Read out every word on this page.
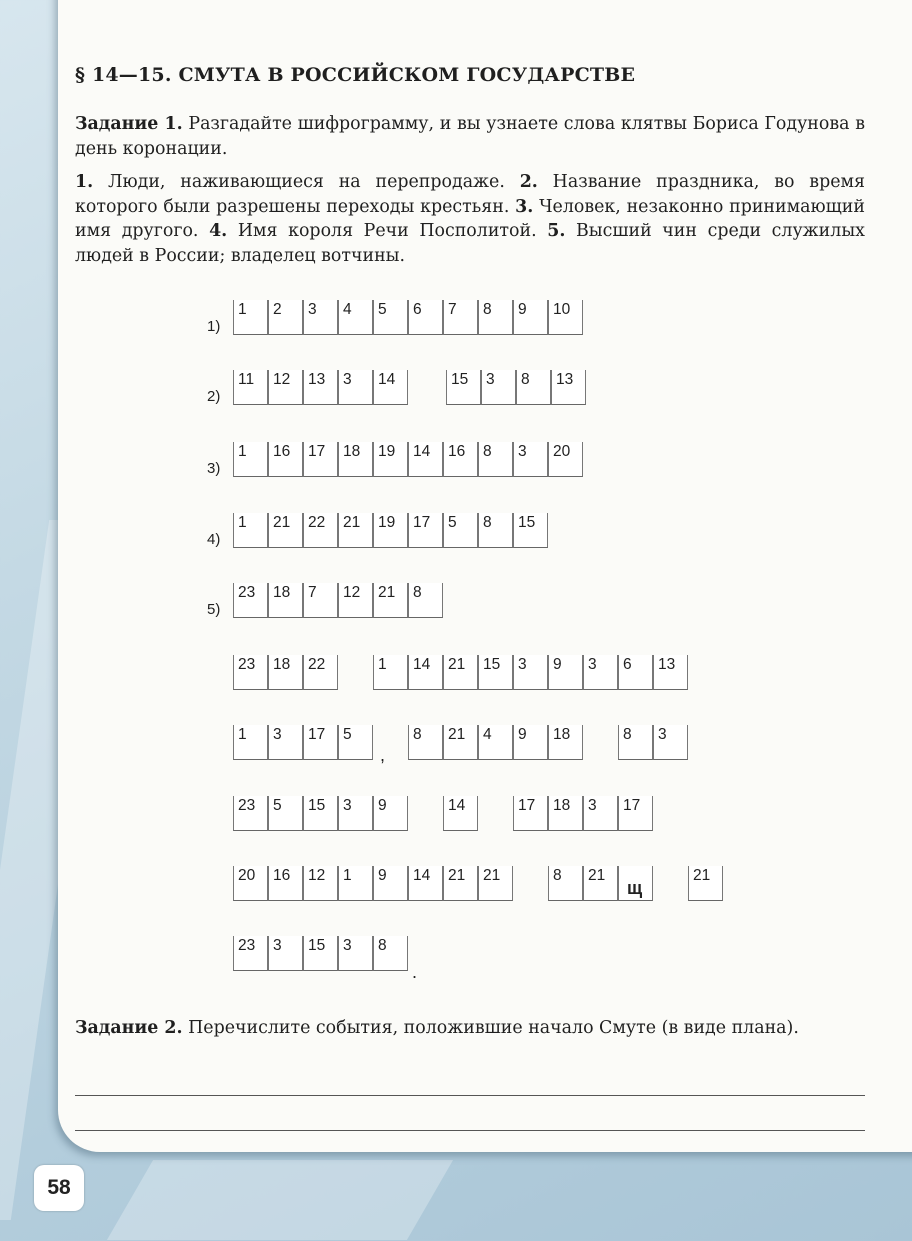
§ 14—15. СМУТА В РОССИЙСКОМ ГОСУДАРСТВЕ

Задание 1. Разгадайте шифрограмму, и вы узнаете слова клятвы Бориса Годунова в день коронации.

1. Люди, наживающиеся на перепродаже. 2. Название праздника, во время которого были разрешены переходы крестьян. 3. Человек, незаконно принимающий имя другого. 4. Имя короля Речи Посполитой. 5. Высший чин среди служилых людей в России; владелец вотчины.

Задание 2. Перечислите события, положившие начало Смуте (в виде плана).

1)
1	2	3	4	5	6	7	8	9	10
2)
11	12	13	3	14	15	3	8	13
3)
1	16	17	18	19	14	16	8	3	20
4)
1	21	22	21	19	17	5	8	15
5)
23	18	7	12	21	8
23	18	22	1	14	21	15	3	9	3	6	13
1	3	17	5
,
8	21	4	9	18	8	3
23	5	15	3	9	14	17	18	3	17
20	16	12	1	9	14	21	21	8	21
щ
21
23	3	15	3	8
.
58
